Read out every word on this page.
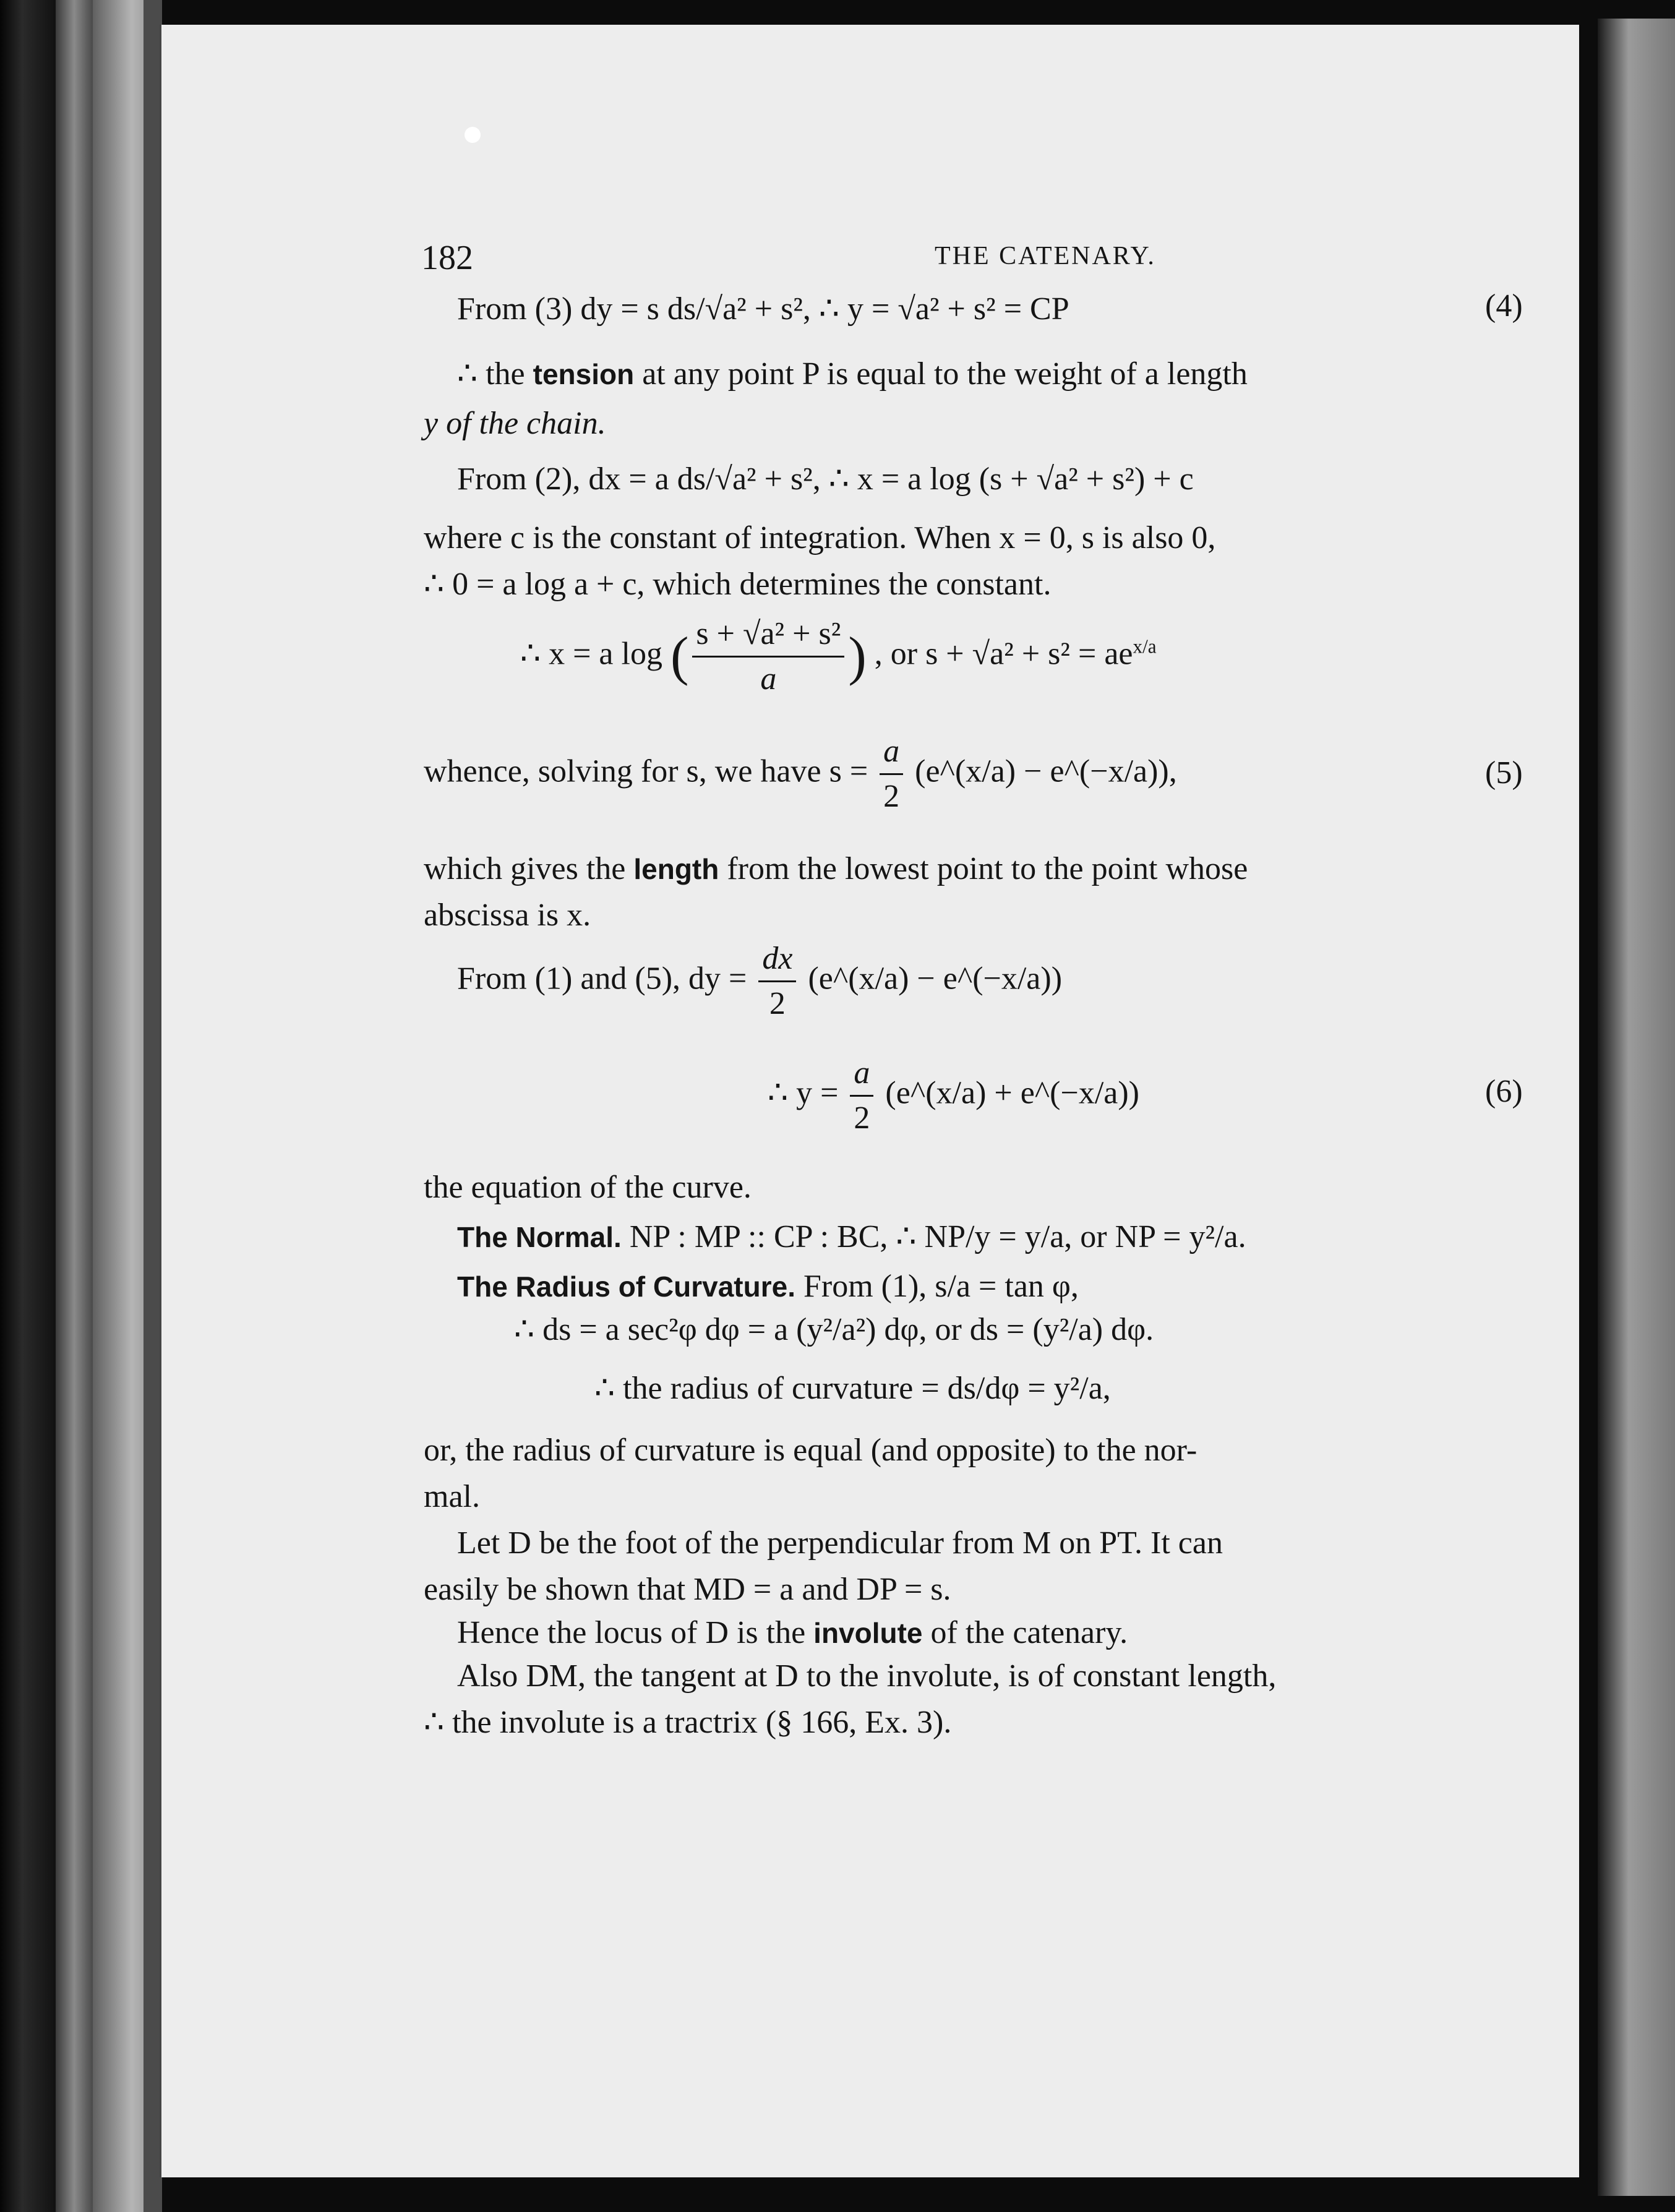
182	THE CATENARY.
From (3) dy = s ds/√a² + s², ∴ y = √a² + s² = CP	(4)
∴ the tension at any point P is equal to the weight of a length
y of the chain.
From (2), dx = a ds/√a² + s², ∴ x = a log (s + √a² + s²) + c
where c is the constant of integration. When x = 0, s is also 0,
∴ 0 = a log a + c, which determines the constant.
∴ x = a log ( $\frac{\text{s + √a² + s²}}{a}$ ) , or $s + √a^2 + s^2 = ae^{x/a}$
whence, solving for s, we have $s = \frac{a}{2}$ (e^(x/a) − e^(−x/a)),	(5)
which gives the length from the lowest point to the point whose
abscissa is x.
From (1) and (5), dy = $\frac{dx}{2}$ (e^(x/a) − e^(−x/a))
∴ $y = \frac{a}{2}$ (e^(x/a) + e^(−x/a))	(6)
the equation of the curve.
The Normal. NP : MP :: CP : BC, ∴ NP/y = y/a, or NP = y²/a.
The Radius of Curvature. From (1), s/a = tan φ,
∴ ds = a sec²φ dφ = a (y²/a²) dφ, or ds = (y²/a) dφ.
∴ the radius of curvature = ds/dφ = y²/a,
or, the radius of curvature is equal (and opposite) to the nor-
mal.
Let D be the foot of the perpendicular from M on PT. It can
easily be shown that MD = a and DP = s.
Hence the locus of D is the involute of the catenary.
Also DM, the tangent at D to the involute, is of constant length,
∴ the involute is a tractrix (§ 166, Ex. 3).
